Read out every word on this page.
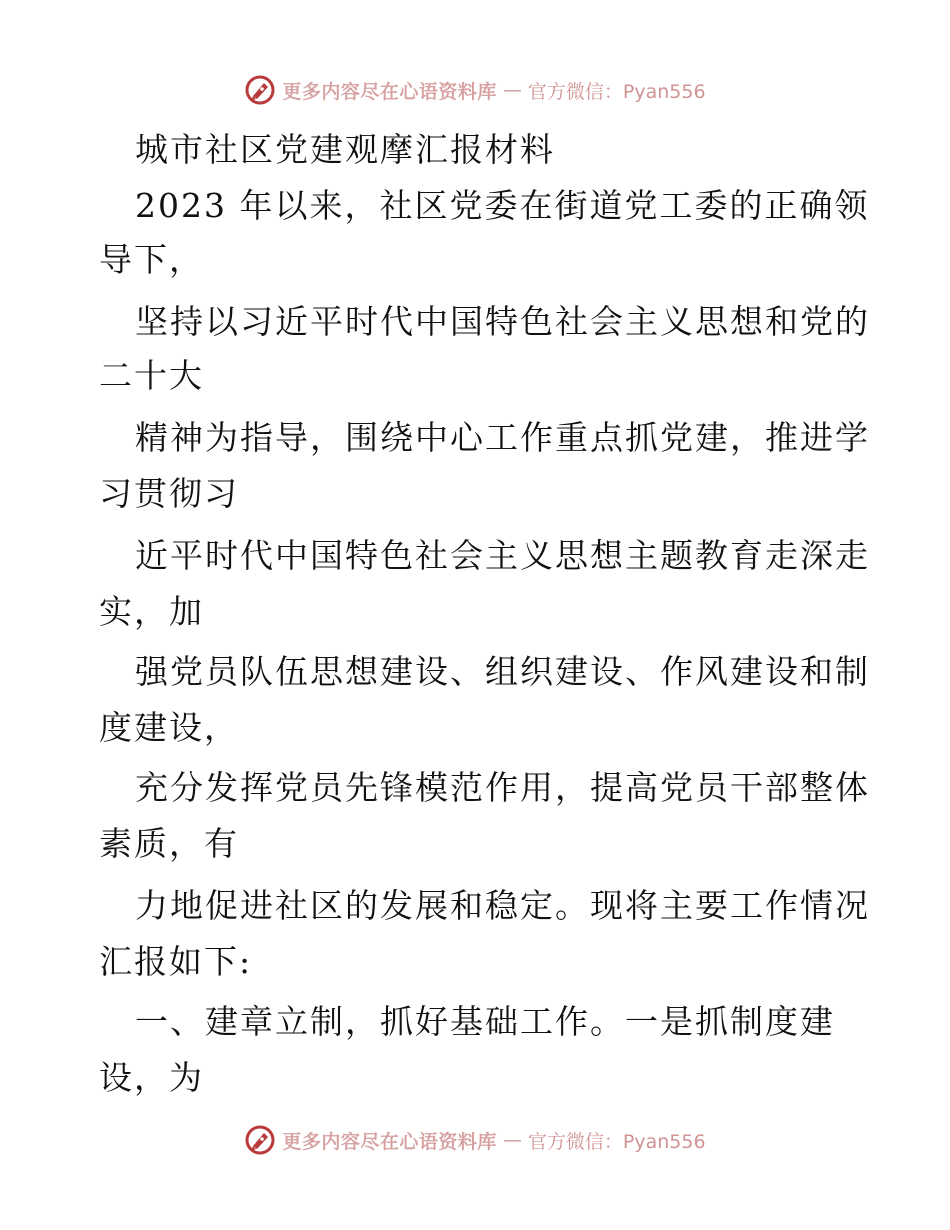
更多内容尽在心语资料库 — 官方微信：Pyan556
城市社区党建观摩汇报材料
2023 年以来，社区党委在街道党工委的正确领
导下，
坚持以习近平时代中国特色社会主义思想和党的
二十大
精神为指导，围绕中心工作重点抓党建，推进学
习贯彻习
近平时代中国特色社会主义思想主题教育走深走
实，加
强党员队伍思想建设、组织建设、作风建设和制
度建设，
充分发挥党员先锋模范作用，提高党员干部整体
素质，有
力地促进社区的发展和稳定。现将主要工作情况
汇报如下:
一、建章立制，抓好基础工作。一是抓制度建
设，为
更多内容尽在心语资料库 — 官方微信：Pyan556
